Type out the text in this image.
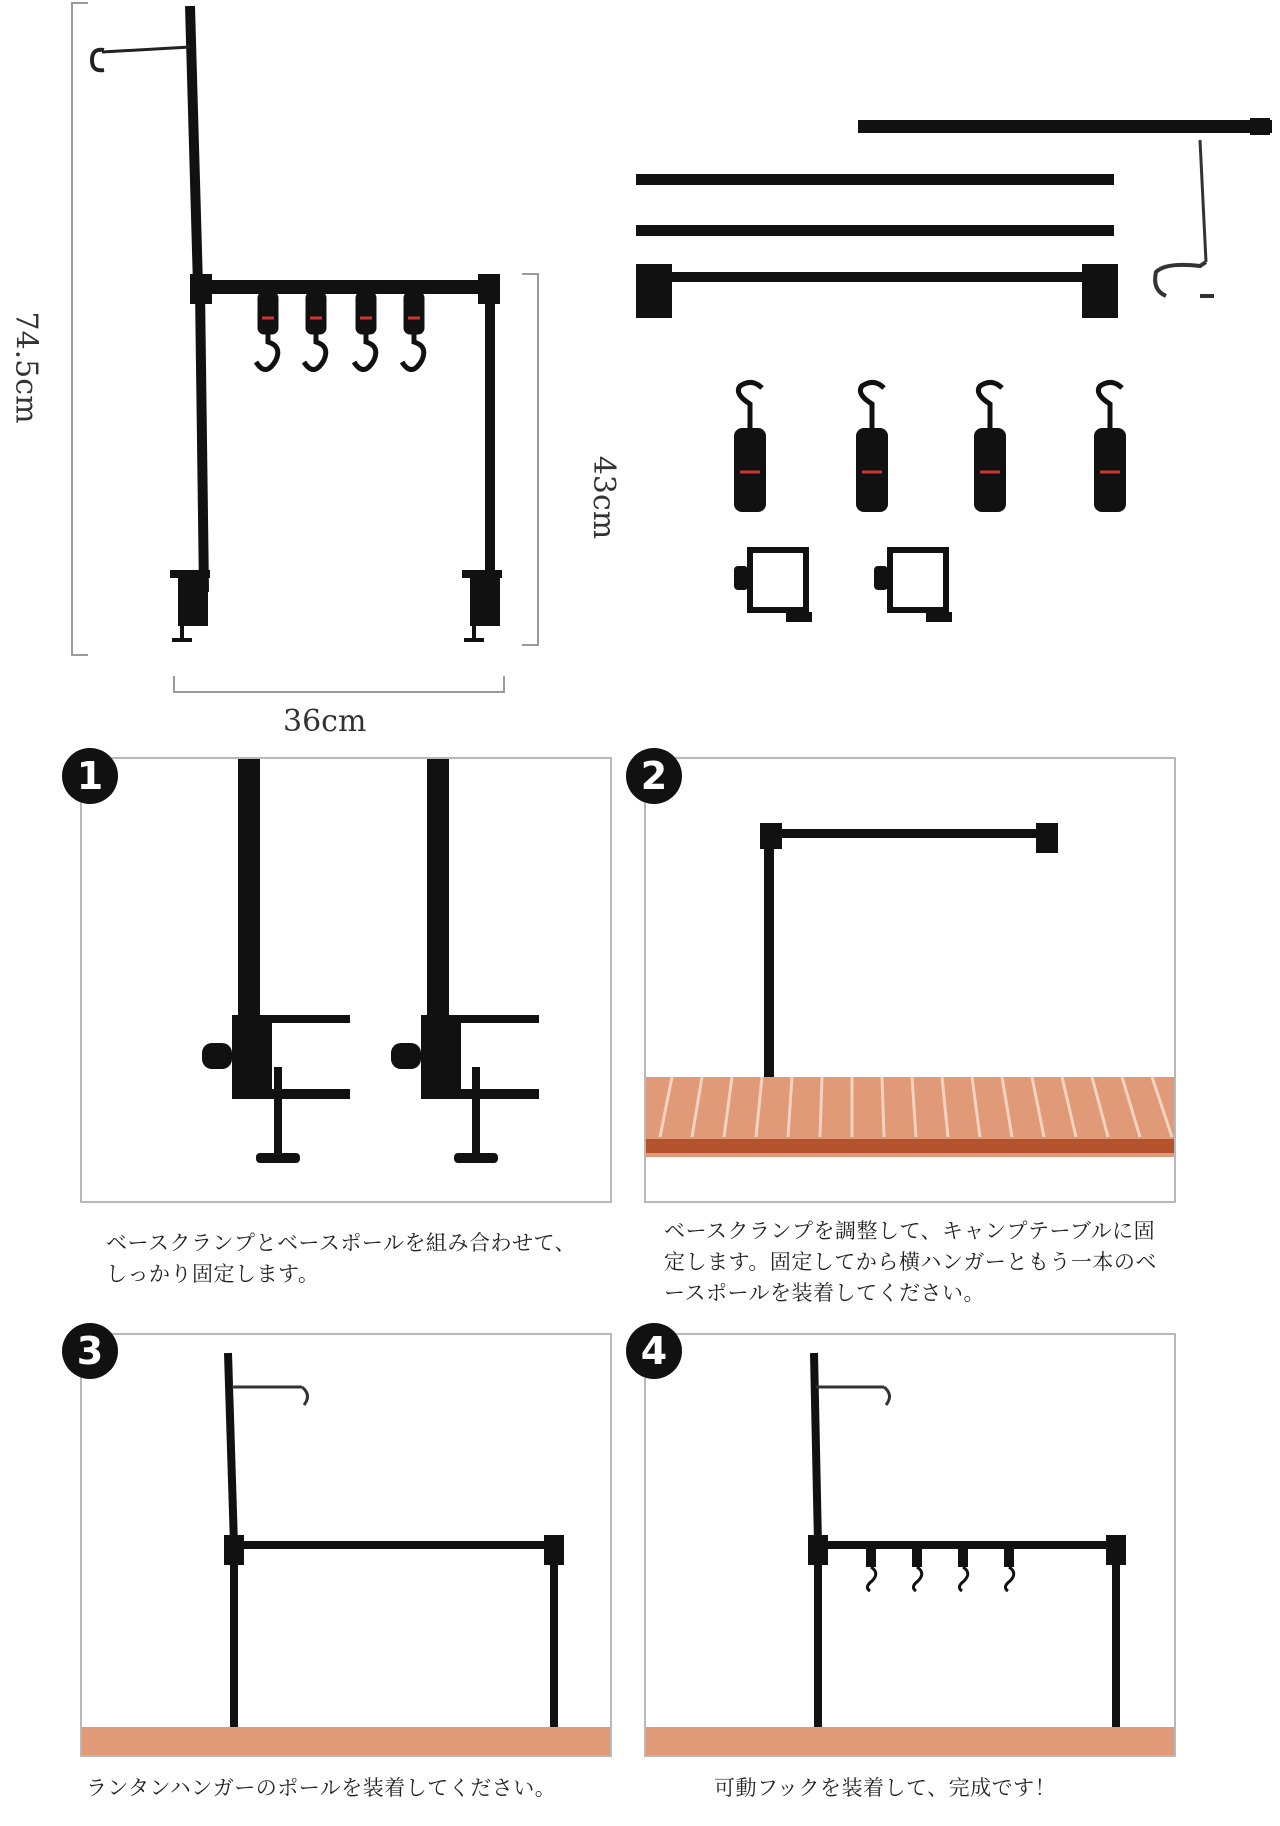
74.5cm
43cm
36cm
1
ベースクランプとベースポールを組み合わせて、しっかり固定します。
2
ベースクランプを調整して、キャンプテーブルに固定します。固定してから横ハンガーともう一本のベースポールを装着してください。
3
ランタンハンガーのポールを装着してください。
4
可動フックを装着して、完成です！
